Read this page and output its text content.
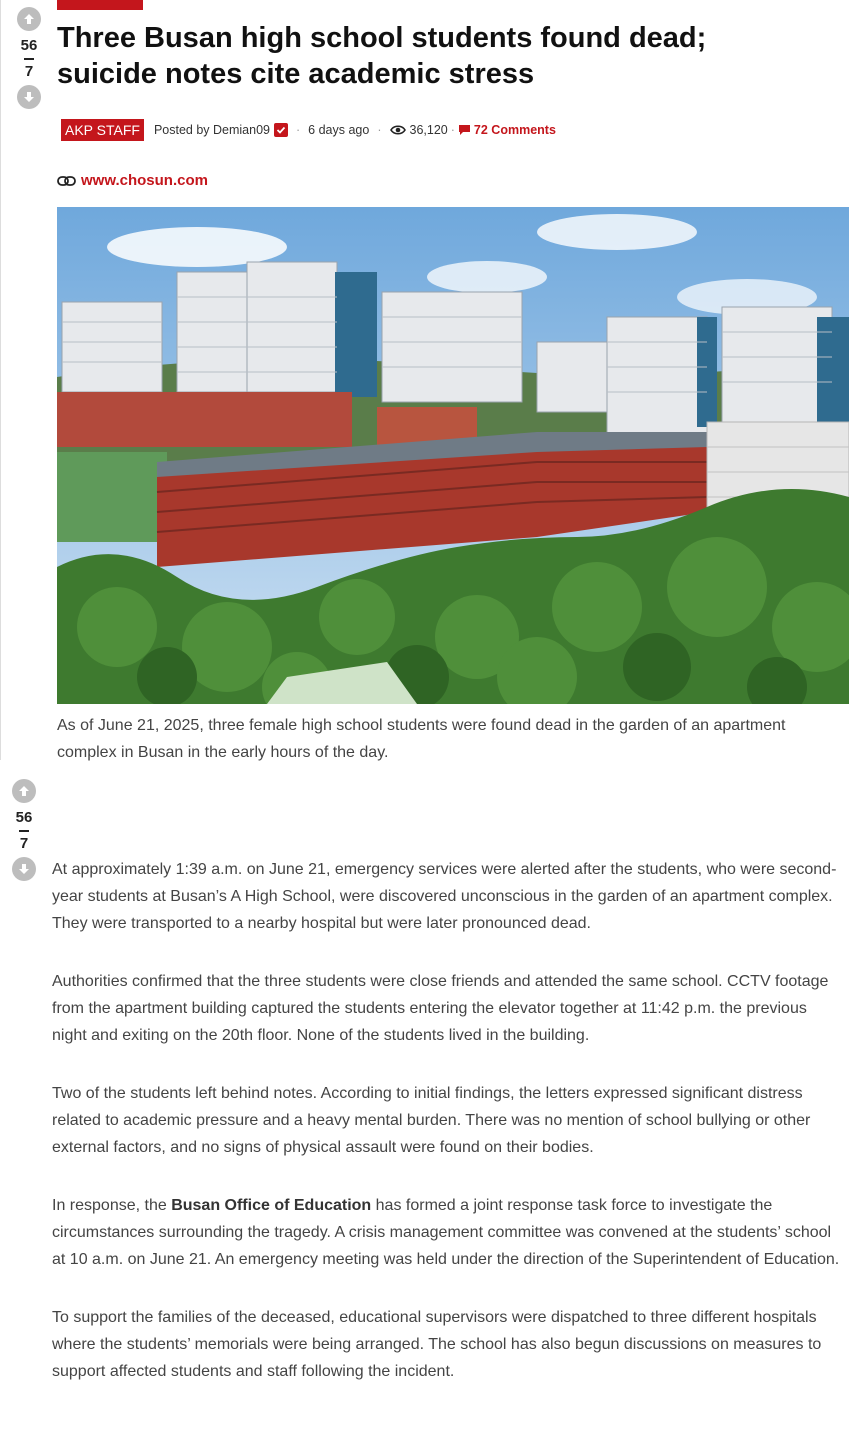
56
7
Three Busan high school students found dead;
suicide notes cite academic stress
AKP STAFF	Posted by Demian09 · 6 days ago · 36,120 · 72 Comments
www.chosun.com
As of June 21, 2025, three female high school students were found dead in the garden of an apartment complex in Busan in the early hours of the day.
56
7

At approximately 1:39 a.m. on June 21, emergency services were alerted after the students, who were second-year students at Busan’s A High School, were discovered unconscious in the garden of an apartment complex. They were transported to a nearby hospital but were later pronounced dead.

Authorities confirmed that the three students were close friends and attended the same school. CCTV footage from the apartment building captured the students entering the elevator together at 11:42 p.m. the previous night and exiting on the 20th floor. None of the students lived in the building.

Two of the students left behind notes. According to initial findings, the letters expressed significant distress related to academic pressure and a heavy mental burden. There was no mention of school bullying or other external factors, and no signs of physical assault were found on their bodies.

In response, the Busan Office of Education has formed a joint response task force to investigate the circumstances surrounding the tragedy. A crisis management committee was convened at the students’ school at 10 a.m. on June 21. An emergency meeting was held under the direction of the Superintendent of Education.

To support the families of the deceased, educational supervisors were dispatched to three different hospitals where the students’ memorials were being arranged. The school has also begun discussions on measures to support affected students and staff following the incident.
